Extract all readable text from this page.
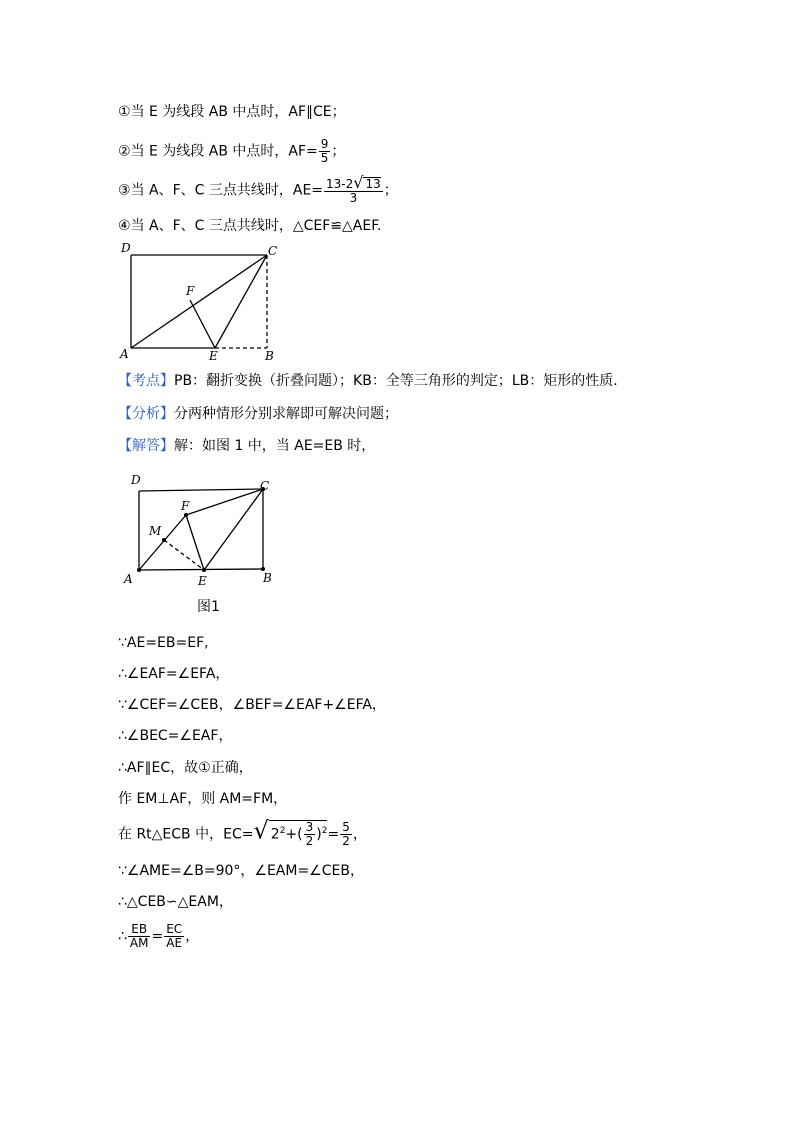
①当 E 为线段 AB 中点时，AF∥CE；
②当 E 为线段 AB 中点时，$AF= \frac{9}{5}$ ；
③当 A、F、C 三点共线时，$AE= \frac{13-2√ 13}{3}$ ；
④当 A、F、C 三点共线时，△CEF≌△AEF.
D	C
F
A	E	B
【考点】PB：翻折变换（折叠问题）；KB：全等三角形的判定；LB：矩形的性质.
【分析】分两种情形分别求解即可解决问题；
【解答】解：如图 1 中，当 AE=EB 时，
D	C
F
M
A	E	B
图1
∵AE=EB=EF,
∴∠EAF=∠EFA，
∵∠CEF=∠CEB，∠BEF=∠EAF+∠EFA，
∴∠BEC=∠EAF，
∴AF∥EC，故①正确，
作 EM⊥AF，则 AM=FM，
在 Rt△ECB 中，EC=√ $2^2+( \frac{3}{2} )^2= \frac{5}{2}$ ，
∵∠AME=∠B=90°，∠EAM=∠CEB，
∴△CEB∽△EAM，
∴ $\frac{EB}{AM} = \frac{EC}{AE}$ ，
